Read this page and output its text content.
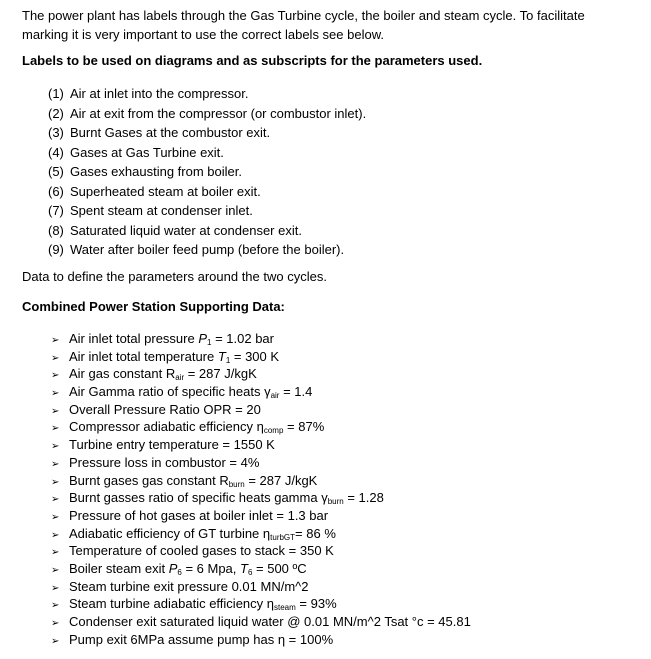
The power plant has labels through the Gas Turbine cycle, the boiler and steam cycle. To facilitate marking it is very important to use the correct labels see below.
Labels to be used on diagrams and as subscripts for the parameters used.
(1) Air at inlet into the compressor.
(2) Air at exit from the compressor (or combustor inlet).
(3) Burnt Gases at the combustor exit.
(4) Gases at Gas Turbine exit.
(5) Gases exhausting from boiler.
(6) Superheated steam at boiler exit.
(7) Spent steam at condenser inlet.
(8) Saturated liquid water at condenser exit.
(9) Water after boiler feed pump (before the boiler).
Data to define the parameters around the two cycles.
Combined Power Station Supporting Data:
➢ Air inlet total pressure $P_1 = 1.02$ bar
➢ Air inlet total temperature $T_1 = 300$ K
➢ Air gas constant $R_{air} = 287$ J/kgK
➢ Air Gamma ratio of specific heats $\gamma_{air} = 1.4$
➢ Overall Pressure Ratio OPR = 20
➢ Compressor adiabatic efficiency $\eta_{comp} = 87\%$
➢ Turbine entry temperature = 1550 K
➢ Pressure loss in combustor = 4%
➢ Burnt gases gas constant $R_{burn} = 287$ J/kgK
➢ Burnt gasses ratio of specific heats gamma $\gamma_{burn} = 1.28$
➢ Pressure of hot gases at boiler inlet = 1.3 bar
➢ Adiabatic efficiency of GT turbine $\eta_{turbGT}= 86$ %
➢ Temperature of cooled gases to stack = 350 K
➢ Boiler steam exit $P_6 = 6$ Mpa, $T_6 = 500$ ºC
➢ Steam turbine exit pressure 0.01 MN/m^2
➢ Steam turbine adiabatic efficiency $\eta_{steam} = 93\%$
➢ Condenser exit saturated liquid water @ 0.01 MN/m^2 Tsat °c = 45.81
➢ Pump exit 6MPa assume pump has η = 100%
